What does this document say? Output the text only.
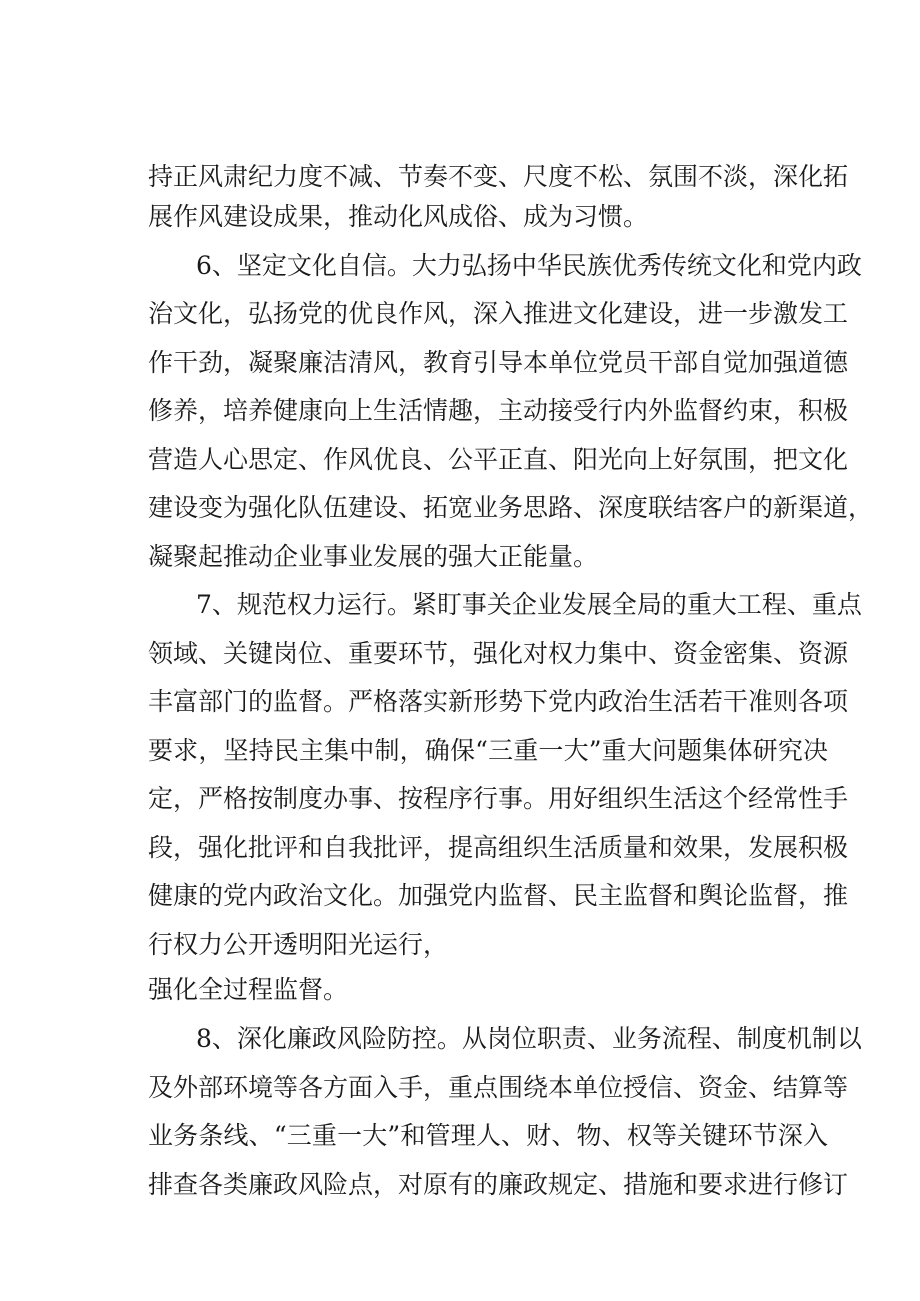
持正风肃纪力度不减、节奏不变、尺度不松、氛围不淡，深化拓
展作风建设成果，推动化风成俗、成为习惯。
6、坚定文化自信。大力弘扬中华民族优秀传统文化和党内政
治文化，弘扬党的优良作风，深入推进文化建设，进一步激发工
作干劲，凝聚廉洁清风，教育引导本单位党员干部自觉加强道德
修养，培养健康向上生活情趣，主动接受行内外监督约束，积极
营造人心思定、作风优良、公平正直、阳光向上好氛围，把文化
建设变为强化队伍建设、拓宽业务思路、深度联结客户的新渠道，
凝聚起推动企业事业发展的强大正能量。
7、规范权力运行。紧盯事关企业发展全局的重大工程、重点
领域、关键岗位、重要环节，强化对权力集中、资金密集、资源
丰富部门的监督。严格落实新形势下党内政治生活若干准则各项
要求，坚持民主集中制，确保“三重一大”重大问题集体研究决
定，严格按制度办事、按程序行事。用好组织生活这个经常性手
段，强化批评和自我批评，提高组织生活质量和效果，发展积极
健康的党内政治文化。加强党内监督、民主监督和舆论监督，推
行权力公开透明阳光运行，
强化全过程监督。
8、深化廉政风险防控。从岗位职责、业务流程、制度机制以
及外部环境等各方面入手，重点围绕本单位授信、资金、结算等
业务条线、“三重一大”和管理人、财、物、权等关键环节深入
排查各类廉政风险点，对原有的廉政规定、措施和要求进行修订
